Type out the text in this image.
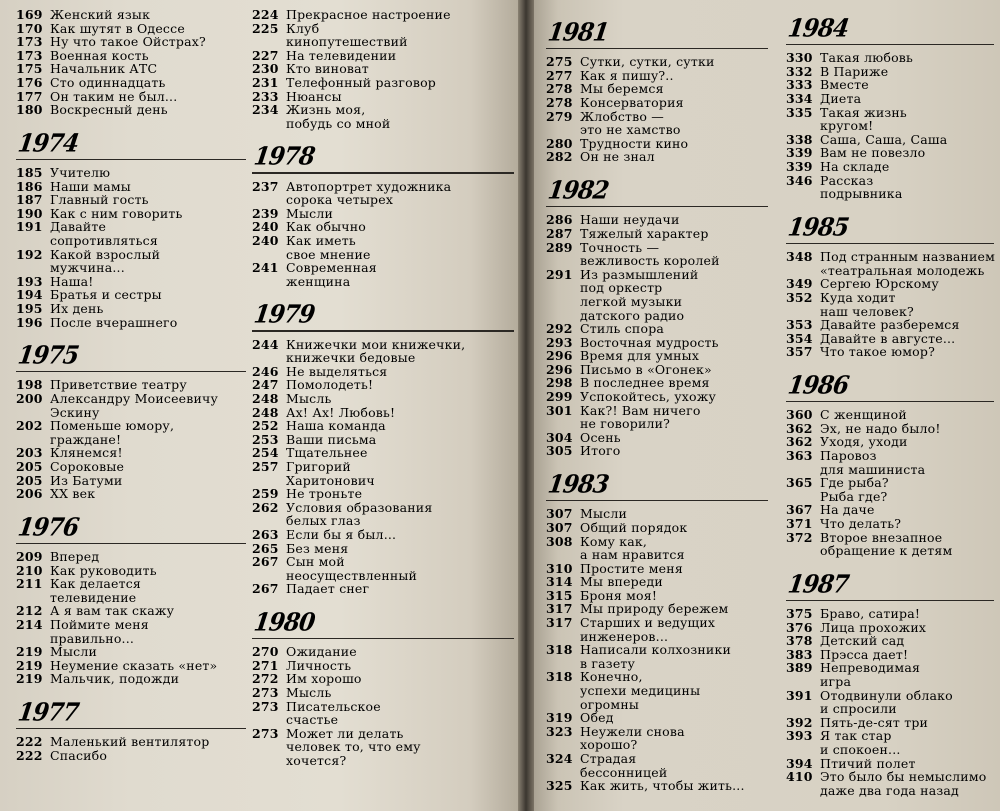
169 Женский язык
170 Как шутят в Одессе
173 Ну что такое Ойстрах?
173 Военная кость
175 Начальник АТС
176 Сто одиннадцать
177 Он таким не был...
180 Воскресный день
1974
185 Учителю
186 Наши мамы
187 Главный гость
190 Как с ним говорить
191 Давайте
сопротивляться
192 Какой взрослый
мужчина...
193 Наша!
194 Братья и сестры
195 Их день
196 После вчерашнего
1975
198 Приветствие театру
200 Александру Моисеевичу
Эскину
202 Поменьше юмору,
граждане!
203 Клянемся!
205 Сороковые
205 Из Батуми
206 XX век
1976
209 Вперед
210 Как руководить
211 Как делается
телевидение
212 А я вам так скажу
214 Поймите меня
правильно...
219 Мысли
219 Неумение сказать «нет»
219 Мальчик, подожди
1977
222 Маленький вентилятор
222 Спасибо
224 Прекрасное настроение
225 Клуб
кинопутешествий
227 На телевидении
230 Кто виноват
231 Телефонный разговор
233 Нюансы
234 Жизнь моя,
побудь со мной
1978
237 Автопортрет художника
сорока четырех
239 Мысли
240 Как обычно
240 Как иметь
свое мнение
241 Современная
женщина
1979
244 Книжечки мои книжечки,
книжечки бедовые
246 Не выделяться
247 Помолодеть!
248 Мысль
248 Ах! Ах! Любовь!
252 Наша команда
253 Ваши письма
254 Тщательнее
257 Григорий
Харитонович
259 Не троньте
262 Условия образования
белых глаз
263 Если бы я был...
265 Без меня
267 Сын мой
неосуществленный
267 Падает снег
1980
270 Ожидание
271 Личность
272 Им хорошо
273 Мысль
273 Писательское
счастье
273 Может ли делать
человек то, что ему
хочется?
1981
275 Сутки, сутки, сутки
277 Как я пишу?..
278 Мы беремся
278 Консерватория
279 Жлобство —
это не хамство
280 Трудности кино
282 Он не знал
1982
286 Наши неудачи
287 Тяжелый характер
289 Точность —
вежливость королей
291 Из размышлений
под оркестр
легкой музыки
датского радио
292 Стиль спора
293 Восточная мудрость
296 Время для умных
296 Письмо в «Огонек»
298 В последнее время
299 Успокойтесь, ухожу
301 Как?! Вам ничего
не говорили?
304 Осень
305 Итого
1983
307 Мысли
307 Общий порядок
308 Кому как,
а нам нравится
310 Простите меня
314 Мы впереди
315 Броня моя!
317 Мы природу бережем
317 Старших и ведущих
инженеров...
318 Написали колхозники
в газету
318 Конечно,
успехи медицины
огромны
319 Обед
323 Неужели снова
хорошо?
324 Страдая
бессонницей
325 Как жить, чтобы жить...
1984
330 Такая любовь
332 В Париже
333 Вместе
334 Диета
335 Такая жизнь
кругом!
338 Саша, Саша, Саша
339 Вам не повезло
339 На складе
346 Рассказ
подрывника
1985
348 Под странным названием
«театральная молодежь
349 Сергею Юрскому
352 Куда ходит
наш человек?
353 Давайте разберемся
354 Давайте в августе...
357 Что такое юмор?
1986
360 С женщиной
362 Эх, не надо было!
362 Уходя, уходи
363 Паровоз
для машиниста
365 Где рыба?
Рыба где?
367 На даче
371 Что делать?
372 Второе внезапное
обращение к детям
1987
375 Браво, сатира!
376 Лица прохожих
378 Детский сад
383 Прэсса дает!
389 Непреводимая
игра
391 Отодвинули облако
и спросили
392 Пять-де-сят три
393 Я так стар
и спокоен...
394 Птичий полет
410 Это было бы немыслимо
даже два года назад
